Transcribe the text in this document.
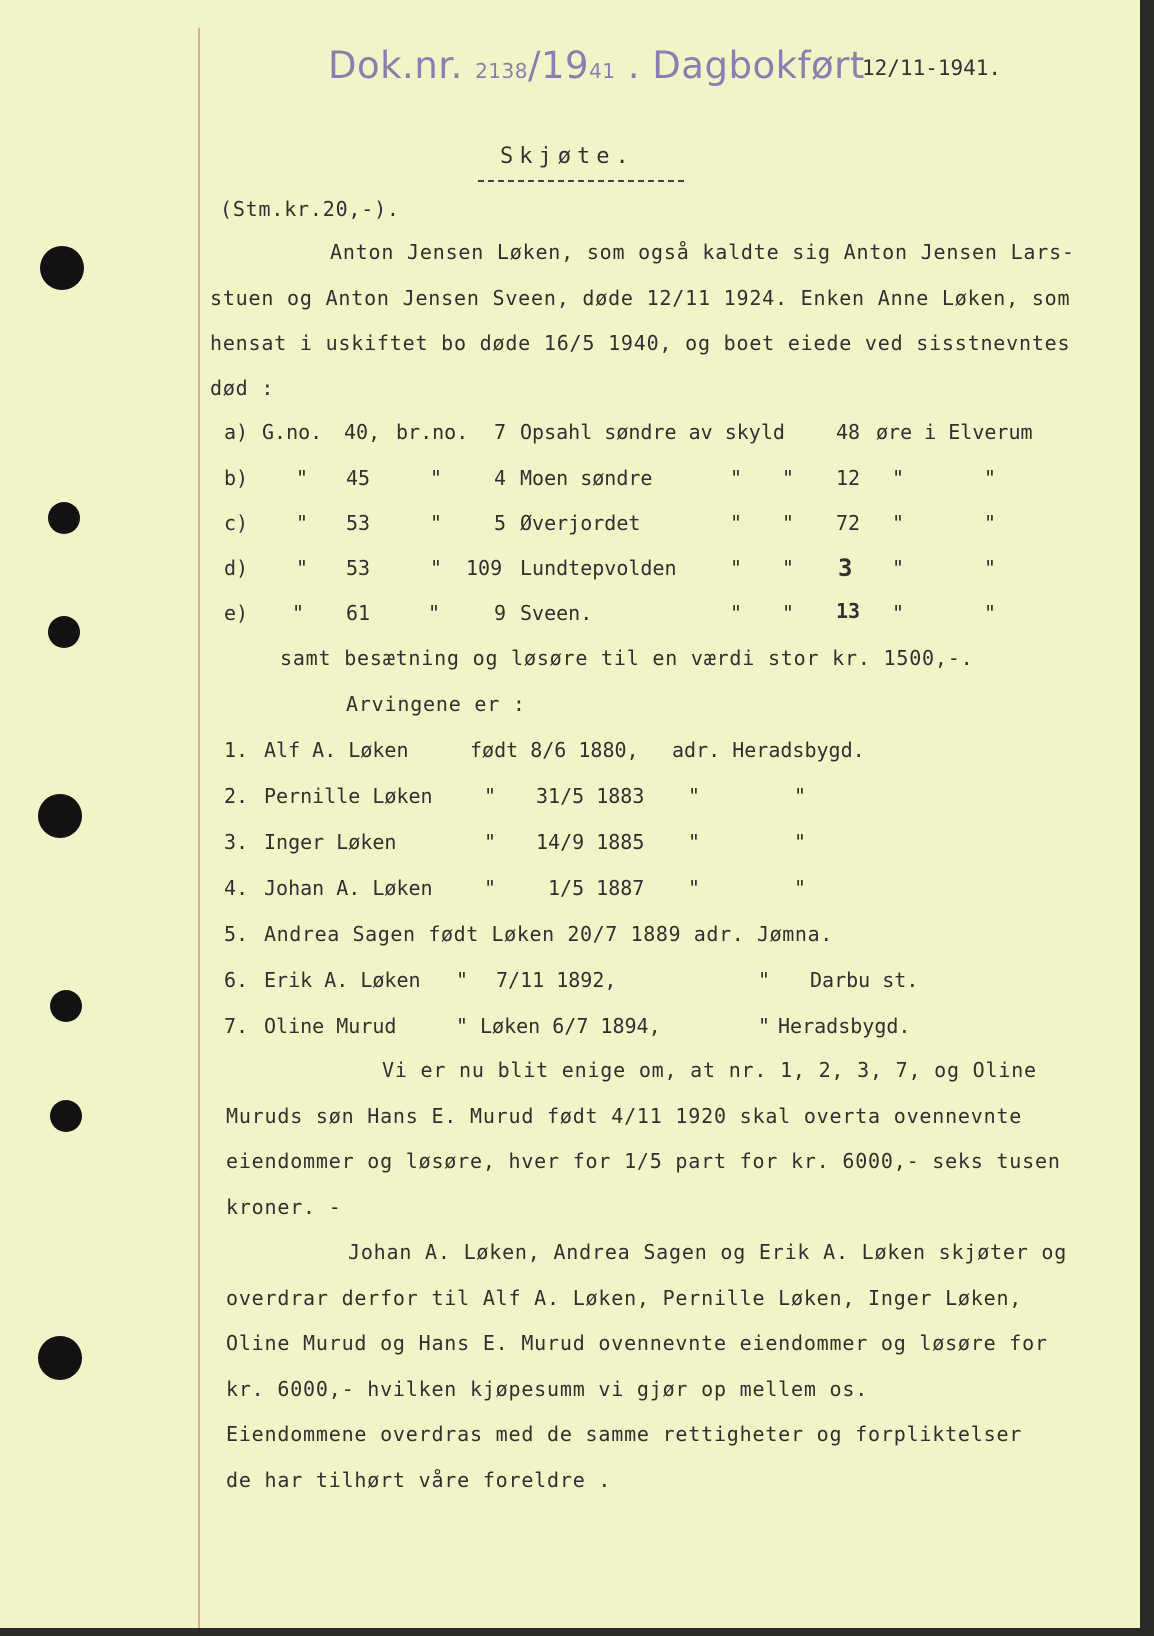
Dok.nr. 2138/1941 . Dagbokført
12/11-1941.
Skjøte.
(Stm.kr.20,-).
Anton Jensen Løken, som også kaldte sig Anton Jensen Lars-
stuen og Anton Jensen Sveen, døde 12/11 1924. Enken Anne Løken, som
hensat i uskiftet bo døde 16/5 1940, og boet eiede ved sisstnevntes
død :
a) G.no. 40, br.no. 7 Opsahl søndre av skyld	48 øre i Elverum
b) " 45	"	4 Moen søndre	" " 12 "	"
c) " 53	"	5 Øverjordet	" " 72 "	"
d) " 53	" 109 Lundtepvolden	" " 3 "	"
e) " 61	"	9 Sveen.	" " 13 "	"
samt besætning og løsøre til en værdi stor kr. 1500,-.
Arvingene er :
1. Alf A. Løken	født 8/6 1880, adr. Heradsbygd.
2. Pernille Løken	" 31/5 1883 "	"
3. Inger Løken	" 14/9 1885 "	"
4. Johan A. Løken	"	1/5 1887 "	"
5. Andrea Sagen født Løken 20/7 1889 adr. Jømna.
6. Erik A. Løken " 7/11 1892,	" Darbu st.
7. Oline Murud	" Løken 6/7 1894,	" Heradsbygd.
Vi er nu blit enige om, at nr. 1, 2, 3, 7, og Oline
Muruds søn Hans E. Murud født 4/11 1920 skal overta ovennevnte
eiendommer og løsøre, hver for 1/5 part for kr. 6000,- seks tusen
kroner. -
Johan A. Løken, Andrea Sagen og Erik A. Løken skjøter og
overdrar derfor til Alf A. Løken, Pernille Løken, Inger Løken,
Oline Murud og Hans E. Murud ovennevnte eiendommer og løsøre for
kr. 6000,- hvilken kjøpesumm vi gjør op mellem os.
Eiendommene overdras med de samme rettigheter og forpliktelser
de har tilhørt våre foreldre .
